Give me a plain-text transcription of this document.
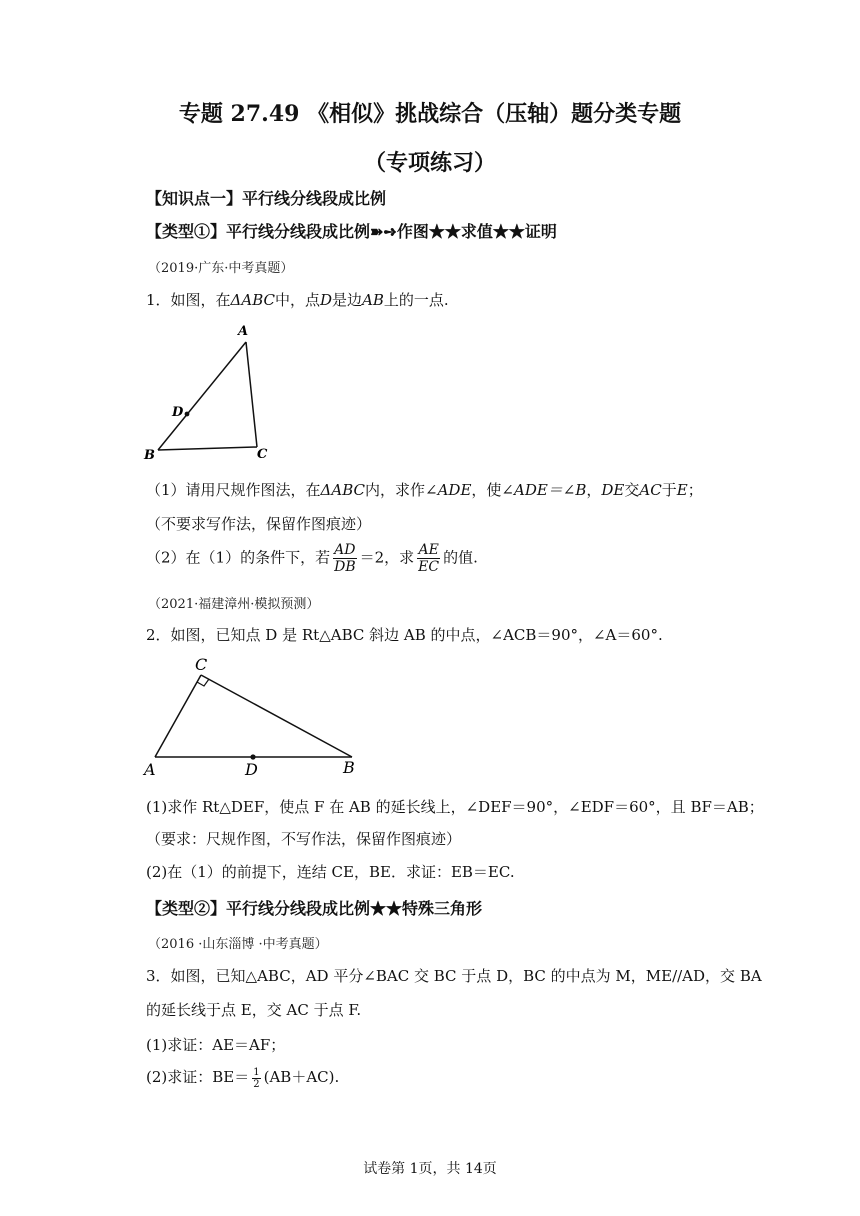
专题 27.49 《相似》挑战综合（压轴）题分类专题
（专项练习）
【知识点一】平行线分线段成比例
【类型①】平行线分线段成比例➽➺作图★★求值★★证明
（2019·广东·中考真题）
1．如图，在ΔABC中，点D是边AB上的一点.
A
B	C
D
（1）请用尺规作图法，在ΔABC内，求作∠ADE，使∠ADE＝∠B，DE交AC于E；
（不要求写作法，保留作图痕迹）
（2）在（1）的条件下，若 $\frac{AD}{DB} =2$，求 $\frac{AE}{EC}$ 的值.
（2021·福建漳州·模拟预测）
2．如图，已知点 D 是 Rt△ABC 斜边 AB 的中点，∠ACB＝90°，∠A＝60°.
C
A	D	B
(1)求作 Rt△DEF，使点 F 在 AB 的延长线上，∠DEF＝90°，∠EDF＝60°，且 BF＝AB；
（要求：尺规作图，不写作法，保留作图痕迹）
(2)在（1）的前提下，连结 CE，BE．求证：EB＝EC.
【类型②】平行线分线段成比例★★特殊三角形
（2016 ·山东淄博 ·中考真题）
3．如图，已知△ABC，AD 平分∠BAC 交 BC 于点 D，BC 的中点为 M，ME//AD，交 BA
的延长线于点 E，交 AC 于点 F.
(1)求证：AE＝AF；
(2)求证：$BE= \frac{1}{2} (AB+AC)$.
试卷第 1页，共 14页
